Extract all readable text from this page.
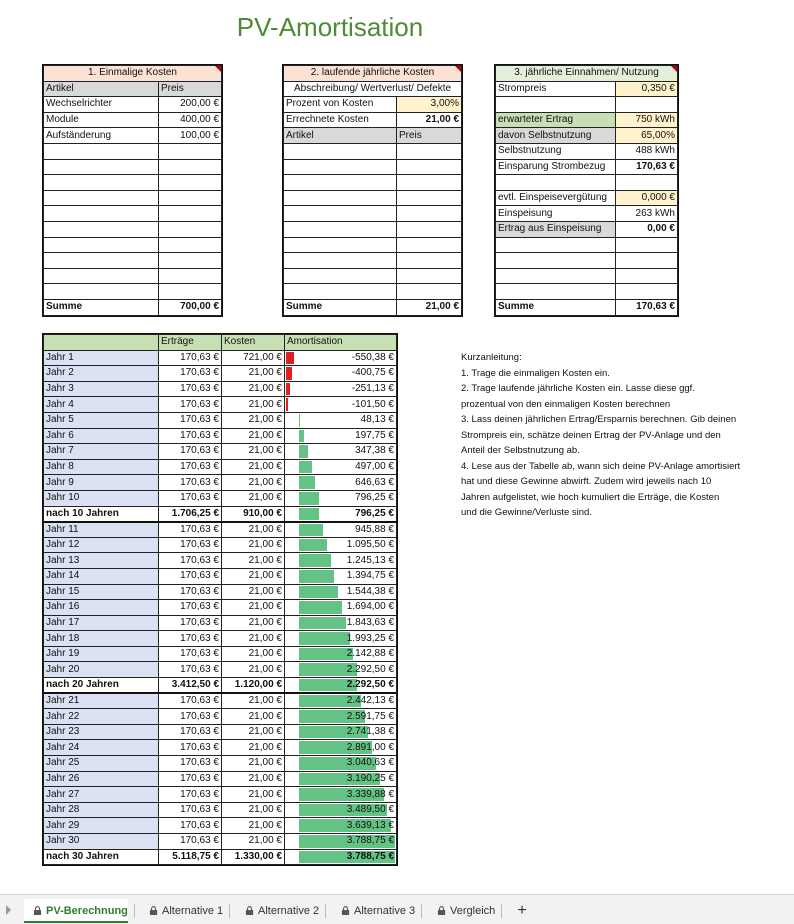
PV-Amortisation
1. Einmalige Kosten	
Artikel	Preis
Wechselrichter	200,00 €
Module	400,00 €
Aufständerung	100,00 €

Summe	700,00 €
2. laufende jährliche Kosten	
Abschreibung/ Wertverlust/ Defekte	
Prozent von Kosten	3,00%
Errechnete Kosten	21,00 €
Artikel	Preis

Summe	21,00 €
3. jährliche Einnahmen/ Nutzung	
Strompreis	0,350 €

erwarteter Ertrag	750 kWh
davon Selbstnutzung	65,00%
Selbstnutzung	488 kWh
Einsparung Strombezug	170,63 €

evtl. Einspeisevergütung	0,000 €
Einspeisung	263 kWh
Ertrag aus Einspeisung	0,00 €

Summe	170,63 €
	Erträge	Kosten	Amortisation
Jahr 1	170,63 €	721,00 €	-550,38 €

Jahr 2	170,63 €	21,00 €	-400,75 €

Jahr 3	170,63 €	21,00 €	-251,13 €

Jahr 4	170,63 €	21,00 €	-101,50 €

Jahr 5	170,63 €	21,00 €	48,13 €

Jahr 6	170,63 €	21,00 €	197,75 €

Jahr 7	170,63 €	21,00 €	347,38 €

Jahr 8	170,63 €	21,00 €	497,00 €

Jahr 9	170,63 €	21,00 €	646,63 €

Jahr 10	170,63 €	21,00 €	796,25 €

nach 10 Jahren	1.706,25 €	910,00 €	796,25 €

Jahr 11	170,63 €	21,00 €	945,88 €

Jahr 12	170,63 €	21,00 €	1.095,50 €

Jahr 13	170,63 €	21,00 €	1.245,13 €

Jahr 14	170,63 €	21,00 €	1.394,75 €

Jahr 15	170,63 €	21,00 €	1.544,38 €

Jahr 16	170,63 €	21,00 €	1.694,00 €

Jahr 17	170,63 €	21,00 €	1.843,63 €

Jahr 18	170,63 €	21,00 €	1.993,25 €

Jahr 19	170,63 €	21,00 €	2.142,88 €

Jahr 20	170,63 €	21,00 €	2.292,50 €

nach 20 Jahren	3.412,50 €	1.120,00 €	2.292,50 €

Jahr 21	170,63 €	21,00 €	2.442,13 €

Jahr 22	170,63 €	21,00 €	2.591,75 €

Jahr 23	170,63 €	21,00 €	2.741,38 €

Jahr 24	170,63 €	21,00 €	2.891,00 €

Jahr 25	170,63 €	21,00 €	3.040,63 €

Jahr 26	170,63 €	21,00 €	3.190,25 €

Jahr 27	170,63 €	21,00 €	3.339,88 €

Jahr 28	170,63 €	21,00 €	3.489,50 €

Jahr 29	170,63 €	21,00 €	3.639,13 €

Jahr 30	170,63 €	21,00 €	3.788,75 €

nach 30 Jahren	5.118,75 €	1.330,00 €	3.788,75 €

Kurzanleitung:

1. Trage die einmaligen Kosten ein.

2. Trage laufende jährliche Kosten ein. Lasse diese ggf.

prozentual von den einmaligen Kosten berechnen

3. Lass deinen jährlichen Ertrag/Ersparnis berechnen. Gib deinen

Strompreis ein, schätze deinen Ertrag der PV-Anlage und den

Anteil der Selbstnutzung ab.

4. Lese aus der Tabelle ab, wann sich deine PV-Anlage amortisiert

hat und diese Gewinne abwirft. Zudem wird jeweils nach 10

Jahren aufgelistet, wie hoch kumuliert die Erträge, die Kosten

und die Gewinne/Verluste sind.

PV-Berechnung	Alternative 1	Alternative 2	Alternative 3	Vergleich +
